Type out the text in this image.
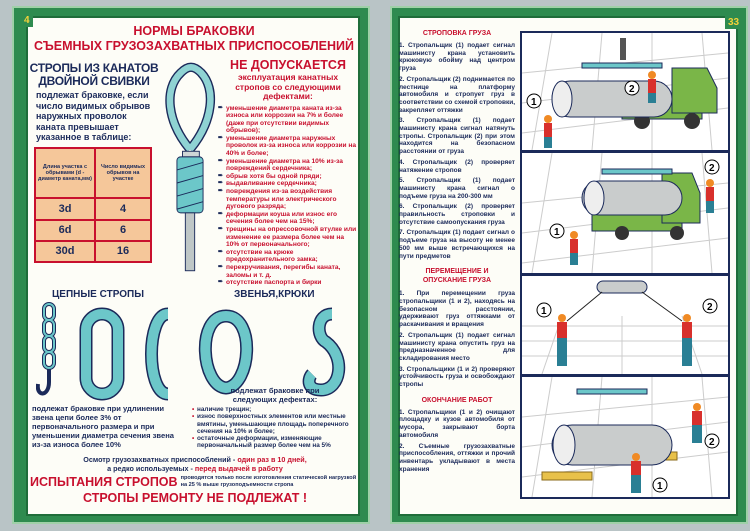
4
НОРМЫ БРАКОВКИ
СЪЕМНЫХ ГРУЗОЗАХВАТНЫХ ПРИСПОСОБЛЕНИЙ
СТРОПЫ ИЗ КАНАТОВ
ДВОЙНОЙ СВИВКИ
подлежат браковке, если число видимых обрывов наружных проволок каната превышает указанное в таблице:
Длина участка с обрывами (d - диаметр каната,мм)	Число видимых обрывов на участке
3d	4
6d	6
30d	16
НЕ ДОПУСКАЕТСЯ
эксплуатация канатных стропов со следующими дефектами:
➨ уменьшение диаметра каната из-за износа или коррозии на 7% и более (даже при отсутствии видимых обрывов);
➨ уменьшение диаметра наружных проволок из-за износа или коррозии на 40% и более;
➨ уменьшение диаметра на 10% из-за повреждений сердечника;
➨ обрыв хотя бы одной пряди;
➨ выдавливание сердечника;
➨ повреждения из-за воздействия температуры или электрического дугового разряда;
➨ деформации коуша или износ его сечения более чем на 15%;
➨ трещины на опрессовочной втулке или изменение ее размера более чем на 10% от первоначального;
➨ отсутствие на крюке предохранительного замка;
➨ перекручивания, перегибы каната, заломы и т. д.
➨ отсутствие паспорта и бирки
ЦЕПНЫЕ СТРОПЫ	ЗВЕНЬЯ,КРЮКИ
подлежат браковке при удлинении звена цепи более 3% от первоначального размера и при уменьшении диаметра сечения звена из-за износа более 10%
подлежат браковке при следующих дефектах:
• наличие трещин;
• износ поверхностных элементов или местные вмятины, уменьшающие площадь поперечного сечения на 10% и более;
• остаточные деформации, изменяющие первоначальный размер более чем на 5%
Осмотр грузозахватных приспособлений - один раз в 10 дней,
а редко используемых - перед выдачей в работу
ИСПЫТАНИЯ СТРОПОВ проводятся только после изготовления статической нагрузкой на 25 % выше грузоподъемности стропа
СТРОПЫ РЕМОНТУ НЕ ПОДЛЕЖАТ !
33
СТРОПОВКА ГРУЗА

1. Стропальщик (1) подает сигнал машинисту крана установить крюковую обойму над центром груза

2. Стропальщик (2) поднимается по лестнице на платформу автомобиля и стропует груз в соответствии со схемой строповки, закрепляет оттяжки

3. Стропальщик (1) подает машинисту крана сигнал натянуть стропы. Стропальщик (2) при этом находится на безопасном расстоянии от груза

4. Стропальщик (2) проверяет натяжение стропов

5. Стропальщик (1) подает машинисту крана сигнал о подъеме груза на 200-300 мм

6. Стропальщик (2) проверяет правильность строповки и отсутствие самоопускания груза

7. Стропальщик (1) подает сигнал о подъеме груза на высоту не менее 500 мм выше встречающихся на пути предметов

ПЕРЕМЕЩЕНИЕ И
ОПУСКАНИЕ ГРУЗА

1. При перемещении груза стропальщики (1 и 2), находясь на безопасном расстоянии, удерживают груз оттяжками от раскачивания и вращения

2. Стропальщик (1) подает сигнал машинисту крана опустить груз на предназначенное для складирования место

3. Стропальщики (1 и 2) проверяют устойчивость груза и освобождают стропы

ОКОНЧАНИЕ РАБОТ

1. Стропальщики (1 и 2) очищают площадку и кузов автомобиля от мусора, закрывают борта автомобиля

2. Съемные грузозахватные приспособления, оттяжки и прочий инвентарь укладывают в места хранения

1
2
1
2
1	2
1
2
